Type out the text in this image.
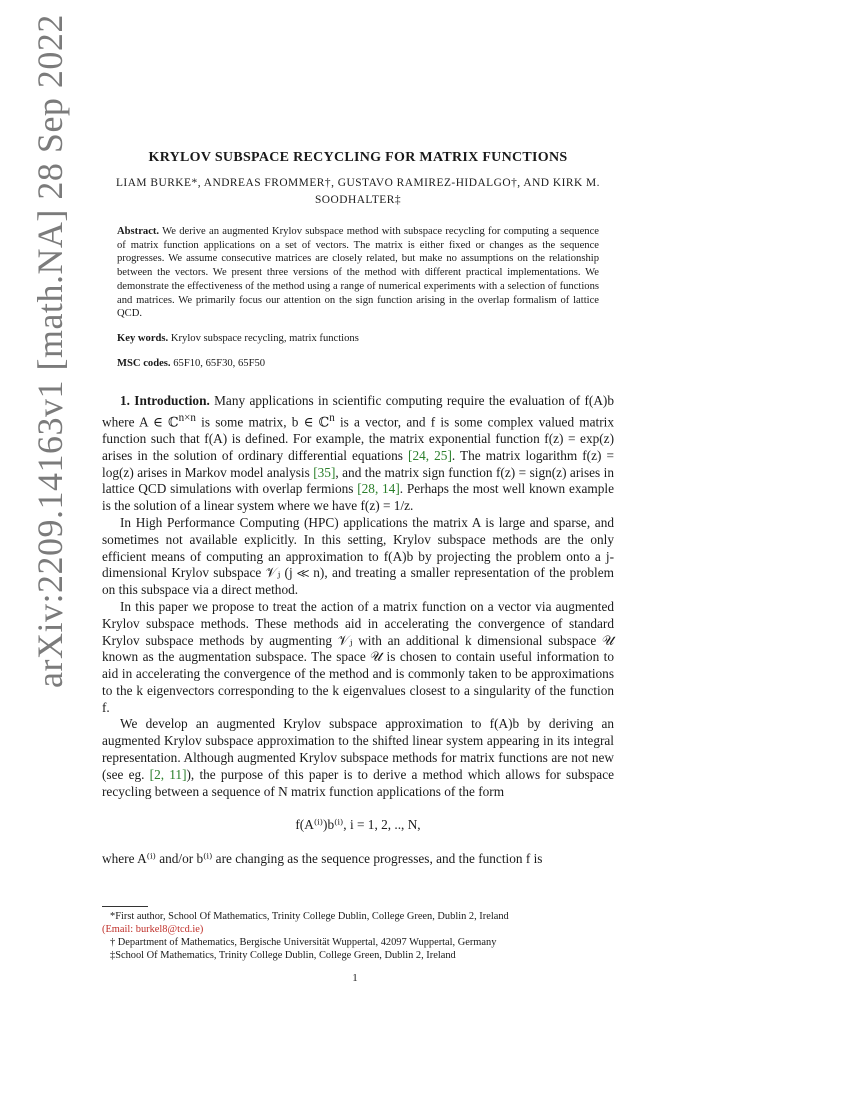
arXiv:2209.14163v1 [math.NA] 28 Sep 2022	KRYLOV SUBSPACE RECYCLING FOR MATRIX FUNCTIONS
LIAM BURKE*, ANDREAS FROMMER†, GUSTAVO RAMIREZ-HIDALGO†, AND KIRK M. SOODHALTER‡
Abstract. We derive an augmented Krylov subspace method with subspace recycling for computing a sequence of matrix function applications on a set of vectors. The matrix is either fixed or changes as the sequence progresses. We assume consecutive matrices are closely related, but make no assumptions on the relationship between the vectors. We present three versions of the method with different practical implementations. We demonstrate the effectiveness of the method using a range of numerical experiments with a selection of functions and matrices. We primarily focus our attention on the sign function arising in the overlap formalism of lattice QCD.
Key words. Krylov subspace recycling, matrix functions
MSC codes. 65F10, 65F30, 65F50

1. Introduction. Many applications in scientific computing require the evaluation of f(A)b where A ∈ ℂ$^{n\times n}$ is some matrix, b ∈ ℂ$^n$ is a vector, and f is some complex valued matrix function such that f(A) is defined. For example, the matrix exponential function f(z) = exp(z) arises in the solution of ordinary differential equations [24, 25]. The matrix logarithm f(z) = log(z) arises in Markov model analysis [35], and the matrix sign function f(z) = sign(z) arises in lattice QCD simulations with overlap fermions [28, 14]. Perhaps the most well known example is the solution of a linear system where we have f(z) = 1/z.

In High Performance Computing (HPC) applications the matrix A is large and sparse, and sometimes not available explicitly. In this setting, Krylov subspace methods are the only efficient means of computing an approximation to f(A)b by projecting the problem onto a j-dimensional Krylov subspace 𝒱ⱼ (j ≪ n), and treating a smaller representation of the problem on this subspace via a direct method.

In this paper we propose to treat the action of a matrix function on a vector via augmented Krylov subspace methods. These methods aid in accelerating the convergence of standard Krylov subspace methods by augmenting 𝒱ⱼ with an additional k dimensional subspace 𝒰 known as the augmentation subspace. The space 𝒰 is chosen to contain useful information to aid in accelerating the convergence of the method and is commonly taken to be approximations to the k eigenvectors corresponding to the k eigenvalues closest to a singularity of the function f.

We develop an augmented Krylov subspace approximation to f(A)b by deriving an augmented Krylov subspace approximation to the shifted linear system appearing in its integral representation. Although augmented Krylov subspace methods for matrix functions are not new (see eg. [2, 11]), the purpose of this paper is to derive a method which allows for subspace recycling between a sequence of N matrix function applications of the form

f(A⁽ⁱ⁾)b⁽ⁱ⁾, i = 1, 2, .., N,

where A⁽ⁱ⁾ and/or b⁽ⁱ⁾ are changing as the sequence progresses, and the function f is

*First author, School Of Mathematics, Trinity College Dublin, College Green, Dublin 2, Ireland
(Email: burkel8@tcd.ie)
† Department of Mathematics, Bergische Universität Wuppertal, 42097 Wuppertal, Germany
‡School Of Mathematics, Trinity College Dublin, College Green, Dublin 2, Ireland
1
